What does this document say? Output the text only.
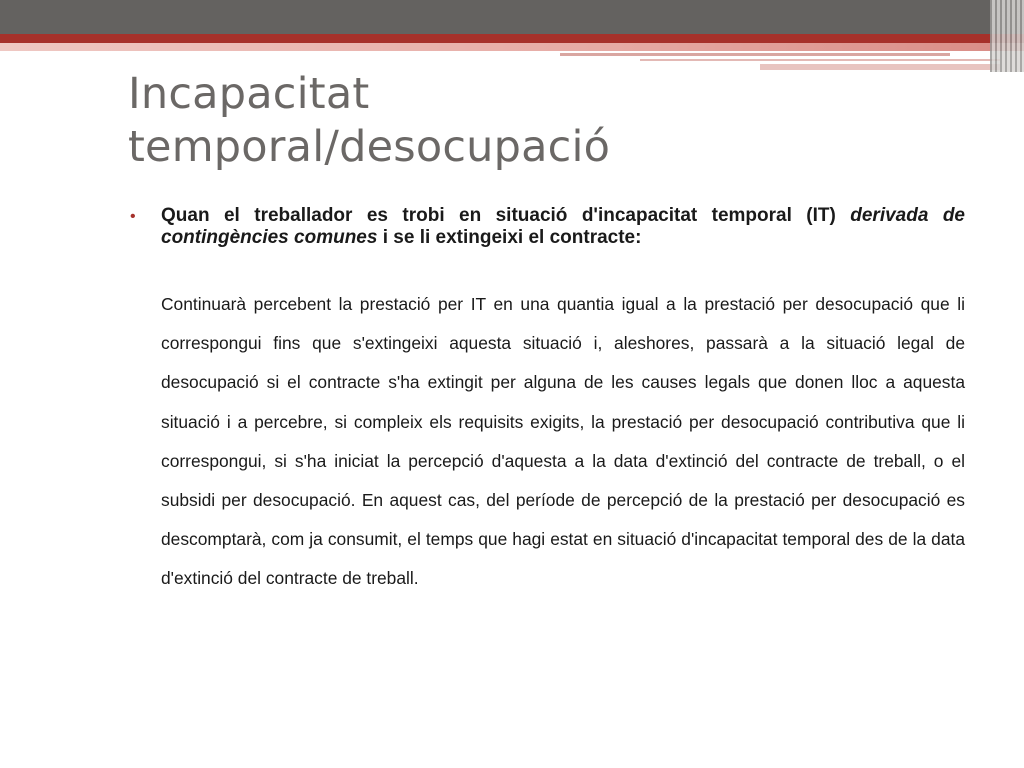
Incapacitat
temporal/desocupació
• Quan el treballador es trobi en situació d'incapacitat temporal (IT) derivada de contingències comunes i se li extingeixi el contracte:

Continuarà percebent la prestació per IT en una quantia igual a la prestació per desocupació que li correspongui fins que s'extingeixi aquesta situació i, aleshores, passarà a la situació legal de desocupació si el contracte s'ha extingit per alguna de les causes legals que donen lloc a aquesta situació i a percebre, si compleix els requisits exigits, la prestació per desocupació contributiva que li correspongui, si s'ha iniciat la percepció d'aquesta a la data d'extinció del contracte de treball, o el subsidi per desocupació. En aquest cas, del període de percepció de la prestació per desocupació es descomptarà, com ja consumit, el temps que hagi estat en situació d'incapacitat temporal des de la data d'extinció del contracte de treball.
